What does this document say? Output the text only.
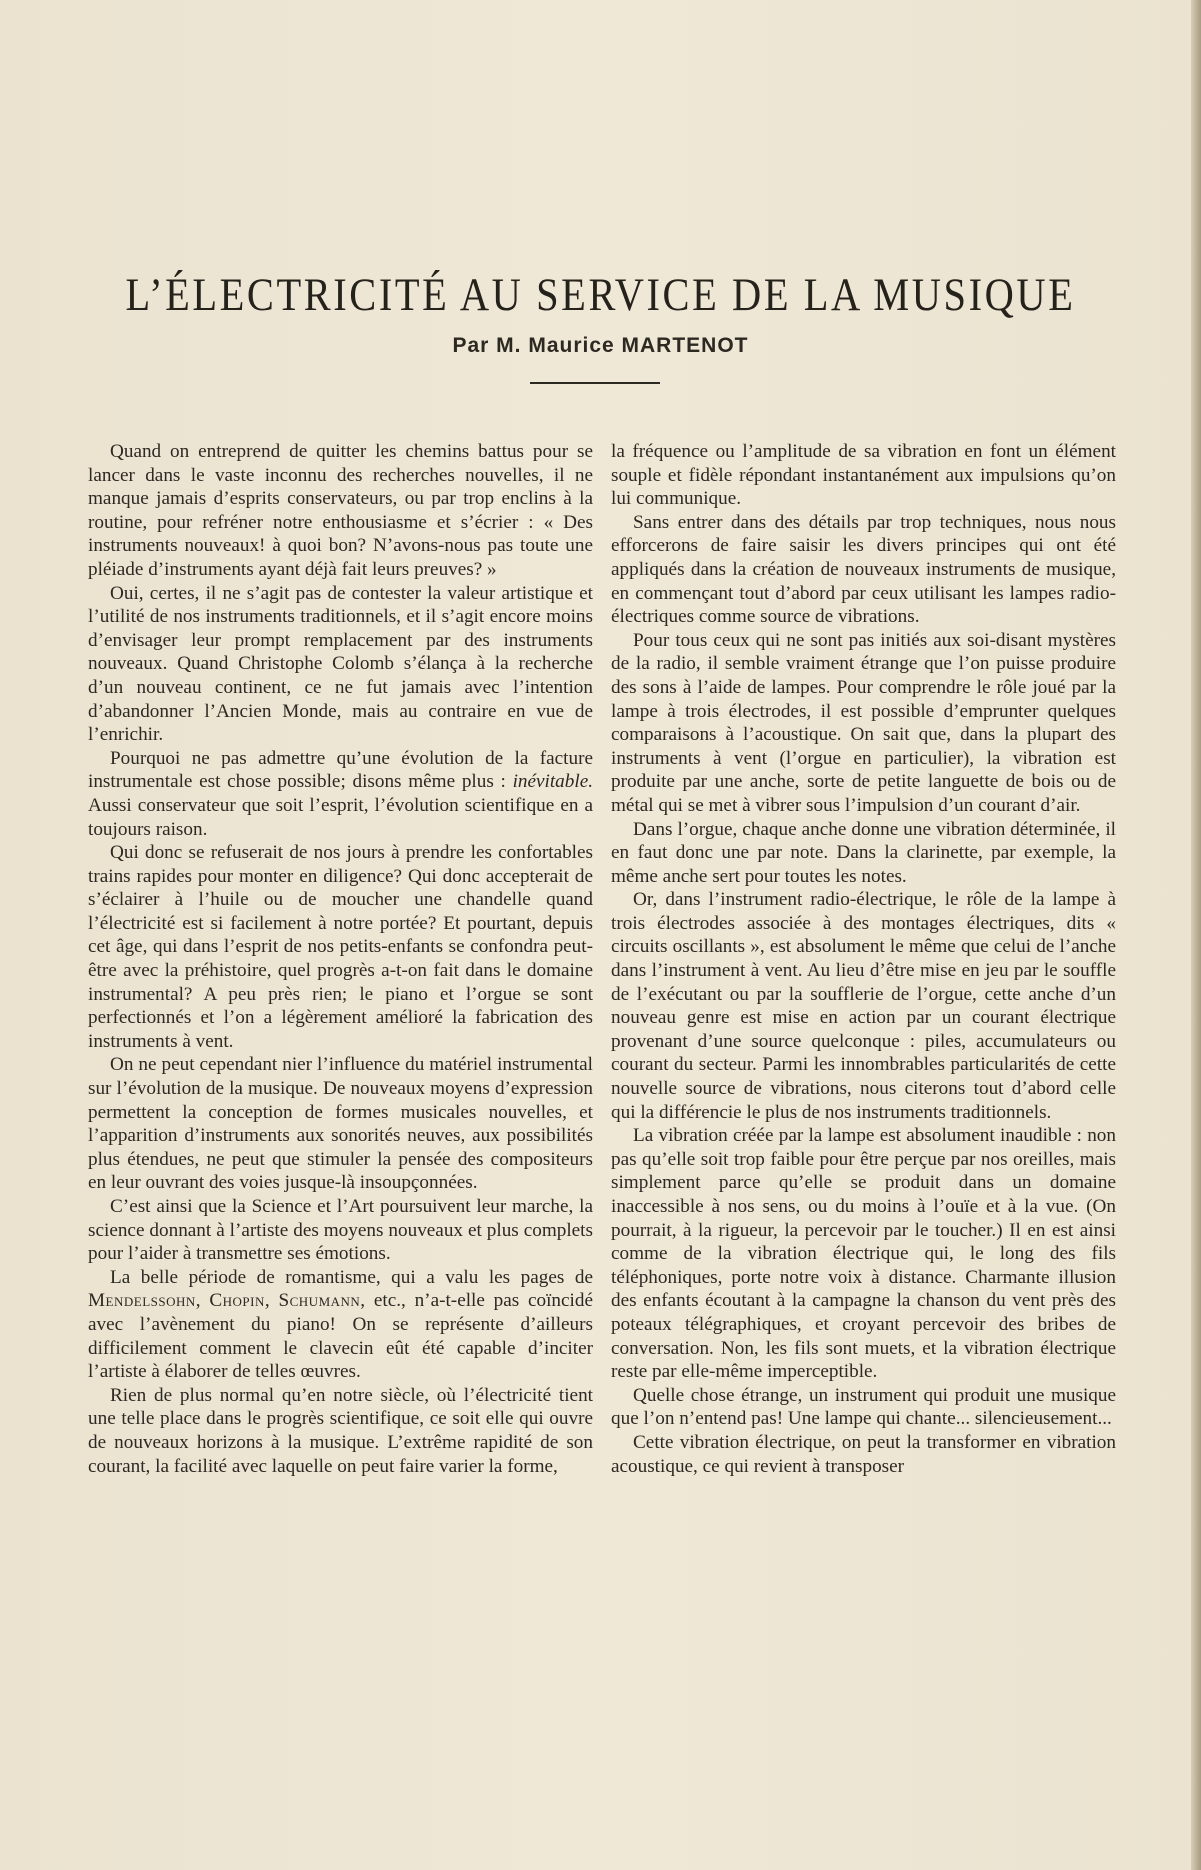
L’ÉLECTRICITÉ AU SERVICE DE LA MUSIQUE
Par M. Maurice MARTENOT

Quand on entreprend de quitter les chemins battus pour se lancer dans le vaste inconnu des recherches nouvelles, il ne manque jamais d’esprits conservateurs, ou par trop enclins à la routine, pour refréner notre enthousiasme et s’écrier : « Des instruments nouveaux! à quoi bon? N’avons-nous pas toute une pléiade d’instruments ayant déjà fait leurs preuves? »

Oui, certes, il ne s’agit pas de contester la valeur artistique et l’utilité de nos instruments traditionnels, et il s’agit encore moins d’envisager leur prompt remplacement par des instruments nouveaux. Quand Christophe Colomb s’élança à la recherche d’un nouveau continent, ce ne fut jamais avec l’intention d’abandonner l’Ancien Monde, mais au contraire en vue de l’enrichir.

Pourquoi ne pas admettre qu’une évolution de la facture instrumentale est chose possible; disons même plus : inévitable. Aussi conservateur que soit l’esprit, l’évolution scientifique en a toujours raison.

Qui donc se refuserait de nos jours à prendre les confortables trains rapides pour monter en diligence? Qui donc accepterait de s’éclairer à l’huile ou de moucher une chandelle quand l’électricité est si facilement à notre portée? Et pourtant, depuis cet âge, qui dans l’esprit de nos petits-enfants se confondra peut-être avec la préhistoire, quel progrès a-t-on fait dans le domaine instrumental? A peu près rien; le piano et l’orgue se sont perfectionnés et l’on a légèrement amélioré la fabrication des instruments à vent.

On ne peut cependant nier l’influence du matériel instrumental sur l’évolution de la musique. De nouveaux moyens d’expression permettent la conception de formes musicales nouvelles, et l’apparition d’instruments aux sonorités neuves, aux possibilités plus étendues, ne peut que stimuler la pensée des compositeurs en leur ouvrant des voies jusque-là insoupçonnées.

C’est ainsi que la Science et l’Art poursuivent leur marche, la science donnant à l’artiste des moyens nouveaux et plus complets pour l’aider à transmettre ses émotions.

La belle période de romantisme, qui a valu les pages de Mendelssohn, Chopin, Schumann, etc., n’a-t-elle pas coïncidé avec l’avènement du piano! On se représente d’ailleurs difficilement comment le clavecin eût été capable d’inciter l’artiste à élaborer de telles œuvres.

Rien de plus normal qu’en notre siècle, où l’électricité tient une telle place dans le progrès scientifique, ce soit elle qui ouvre de nouveaux horizons à la musique. L’extrême rapidité de son courant, la facilité avec laquelle on peut faire varier la forme,

la fréquence ou l’amplitude de sa vibration en font un élément souple et fidèle répondant instantanément aux impulsions qu’on lui communique.

Sans entrer dans des détails par trop techniques, nous nous efforcerons de faire saisir les divers principes qui ont été appliqués dans la création de nouveaux instruments de musique, en commençant tout d’abord par ceux utilisant les lampes radio-électriques comme source de vibrations.

Pour tous ceux qui ne sont pas initiés aux soi-disant mystères de la radio, il semble vraiment étrange que l’on puisse produire des sons à l’aide de lampes. Pour comprendre le rôle joué par la lampe à trois électrodes, il est possible d’emprunter quelques comparaisons à l’acoustique. On sait que, dans la plupart des instruments à vent (l’orgue en particulier), la vibration est produite par une anche, sorte de petite languette de bois ou de métal qui se met à vibrer sous l’impulsion d’un courant d’air.

Dans l’orgue, chaque anche donne une vibration déterminée, il en faut donc une par note. Dans la clarinette, par exemple, la même anche sert pour toutes les notes.

Or, dans l’instrument radio-électrique, le rôle de la lampe à trois électrodes associée à des montages électriques, dits « circuits oscillants », est absolument le même que celui de l’anche dans l’instrument à vent. Au lieu d’être mise en jeu par le souffle de l’exécutant ou par la soufflerie de l’orgue, cette anche d’un nouveau genre est mise en action par un courant électrique provenant d’une source quelconque : piles, accumulateurs ou courant du secteur. Parmi les innombrables particularités de cette nouvelle source de vibrations, nous citerons tout d’abord celle qui la différencie le plus de nos instruments traditionnels.

La vibration créée par la lampe est absolument inaudible : non pas qu’elle soit trop faible pour être perçue par nos oreilles, mais simplement parce qu’elle se produit dans un domaine inaccessible à nos sens, ou du moins à l’ouïe et à la vue. (On pourrait, à la rigueur, la percevoir par le toucher.) Il en est ainsi comme de la vibration électrique qui, le long des fils téléphoniques, porte notre voix à distance. Charmante illusion des enfants écoutant à la campagne la chanson du vent près des poteaux télégraphiques, et croyant percevoir des bribes de conversation. Non, les fils sont muets, et la vibration électrique reste par elle-même imperceptible.

Quelle chose étrange, un instrument qui produit une musique que l’on n’entend pas! Une lampe qui chante... silencieusement...

Cette vibration électrique, on peut la transformer en vibration acoustique, ce qui revient à transposer
